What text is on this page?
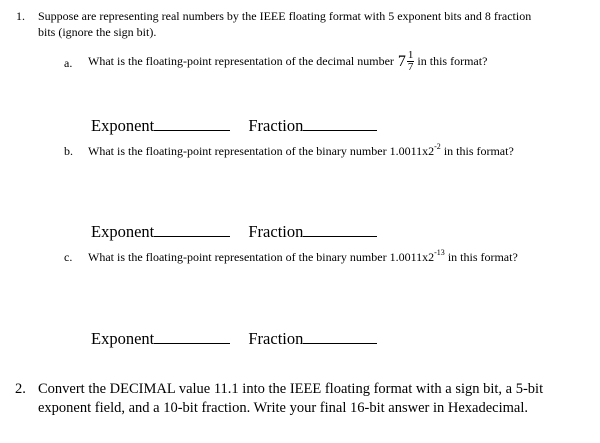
1. Suppose are representing real numbers by the IEEE floating format with 5 exponent bits and 8 fraction
bits (ignore the sign bit).
a. What is the floating-point representation of the decimal number $7 \frac{1}{7}$ in this format?
Exponent	Fraction
b. What is the floating-point representation of the binary number $1.0011x2^{-2}$ in this format?
Exponent	Fraction
c. What is the floating-point representation of the binary number $1.0011x2^{-13}$ in this format?
Exponent	Fraction
2. Convert the DECIMAL value 11.1 into the IEEE floating format with a sign bit, a 5-bit
exponent field, and a 10-bit fraction. Write your final 16-bit answer in Hexadecimal.
